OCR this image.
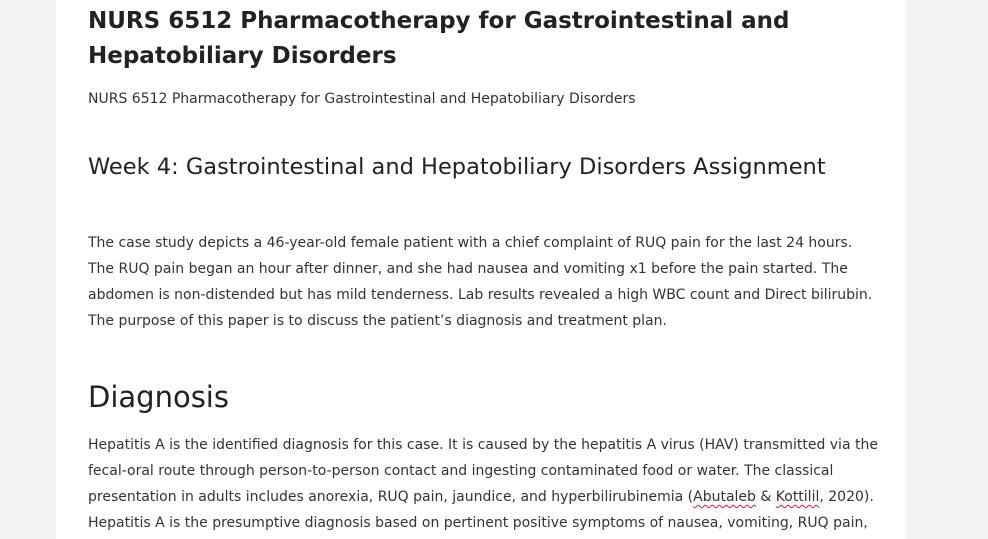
NURS 6512 Pharmacotherapy for Gastrointestinal and
Hepatobiliary Disorders

NURS 6512 Pharmacotherapy for Gastrointestinal and Hepatobiliary Disorders

Week 4: Gastrointestinal and Hepatobiliary Disorders Assignment

The case study depicts a 46-year-old female patient with a chief complaint of RUQ pain for the last 24 hours.
The RUQ pain began an hour after dinner, and she had nausea and vomiting x1 before the pain started. The
abdomen is non-distended but has mild tenderness. Lab results revealed a high WBC count and Direct bilirubin.
The purpose of this paper is to discuss the patient’s diagnosis and treatment plan.

Diagnosis

Hepatitis A is the identified diagnosis for this case. It is caused by the hepatitis A virus (HAV) transmitted via the
fecal-oral route through person-to-person contact and ingesting contaminated food or water. The classical
presentation in adults includes anorexia, RUQ pain, jaundice, and hyperbilirubinemia (Abutaleb & Kottilil, 2020).
Hepatitis A is the presumptive diagnosis based on pertinent positive symptoms of nausea, vomiting, RUQ pain,
